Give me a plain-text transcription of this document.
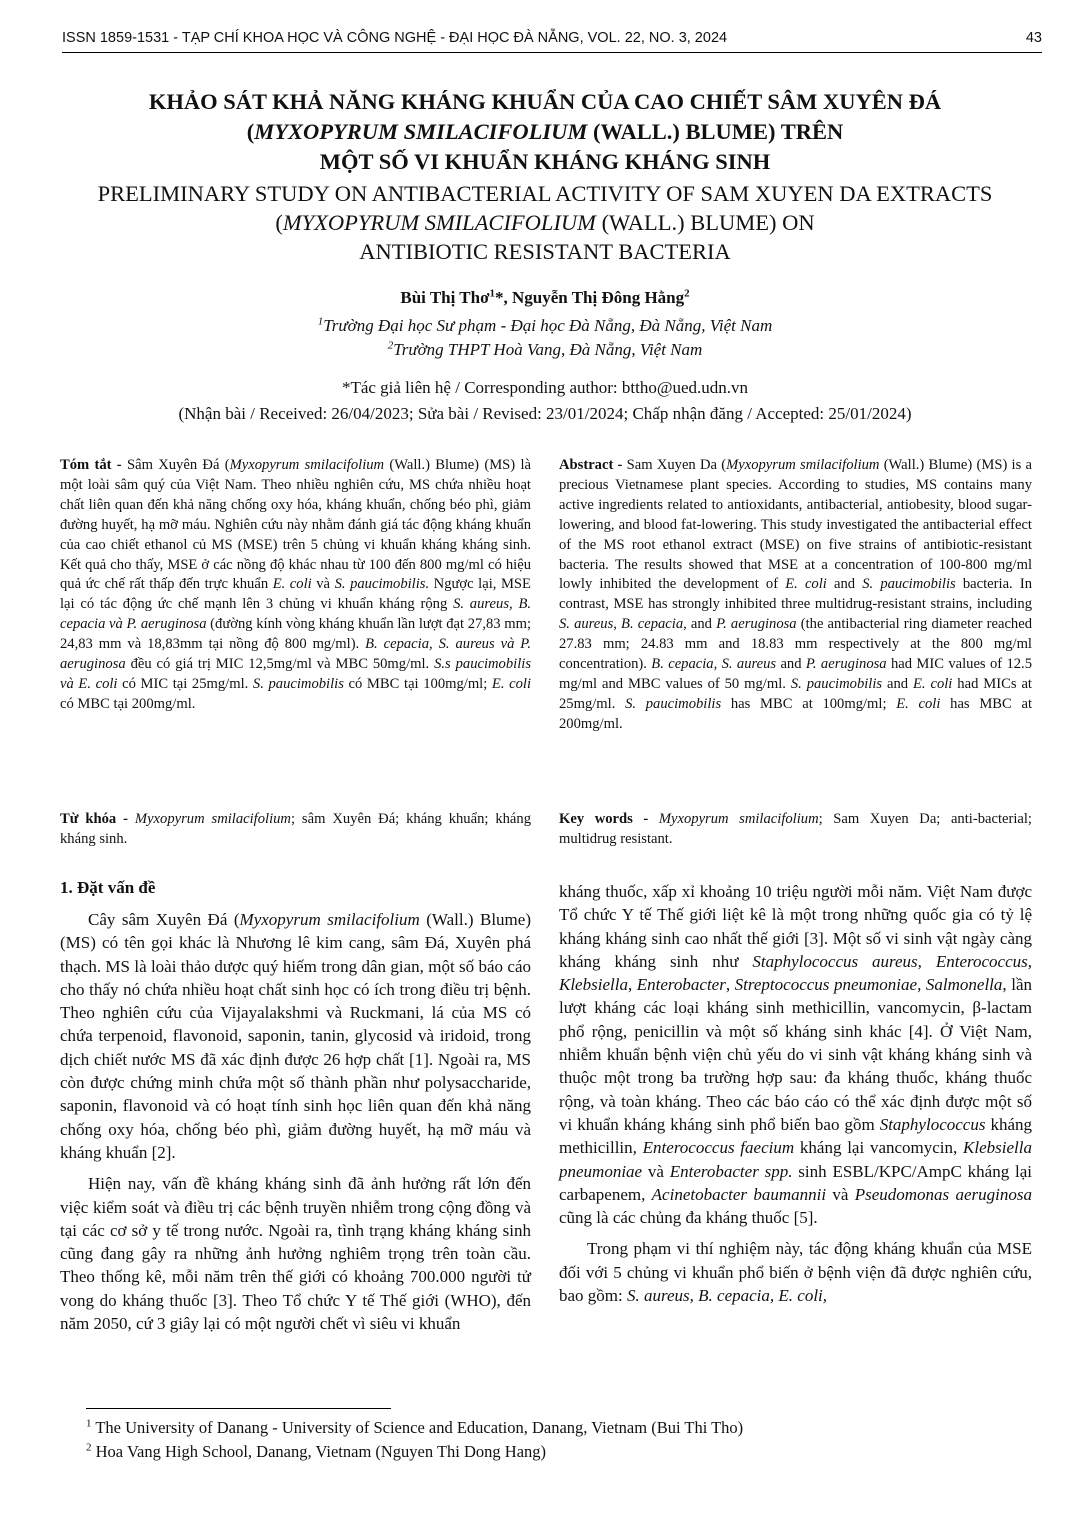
ISSN 1859-1531 - TẠP CHÍ KHOA HỌC VÀ CÔNG NGHỆ - ĐẠI HỌC ĐÀ NẴNG, VOL. 22, NO. 3, 2024	43
KHẢO SÁT KHẢ NĂNG KHÁNG KHUẨN CỦA CAO CHIẾT SÂM XUYÊN ĐÁ
(MYXOPYRUM SMILACIFOLIUM (WALL.) BLUME) TRÊN
MỘT SỐ VI KHUẨN KHÁNG KHÁNG SINH
PRELIMINARY STUDY ON ANTIBACTERIAL ACTIVITY OF SAM XUYEN DA EXTRACTS
(MYXOPYRUM SMILACIFOLIUM (WALL.) BLUME) ON
ANTIBIOTIC RESISTANT BACTERIA
Bùi Thị Thơ$^1$*, Nguyễn Thị Đông Hằng$^2$
$^1$Trường Đại học Sư phạm - Đại học Đà Nẵng, Đà Nẵng, Việt Nam
$^2$Trường THPT Hoà Vang, Đà Nẵng, Việt Nam
*Tác giả liên hệ / Corresponding author: bttho@ued.udn.vn
(Nhận bài / Received: 26/04/2023; Sửa bài / Revised: 23/01/2024; Chấp nhận đăng / Accepted: 25/01/2024)
Tóm tắt - Sâm Xuyên Đá (Myxopyrum smilacifolium (Wall.) Blume) (MS) là một loài sâm quý của Việt Nam. Theo nhiều nghiên cứu, MS chứa nhiều hoạt chất liên quan đến khả năng chống oxy hóa, kháng khuẩn, chống béo phì, giảm đường huyết, hạ mỡ máu. Nghiên cứu này nhằm đánh giá tác động kháng khuẩn của cao chiết ethanol củ MS (MSE) trên 5 chủng vi khuẩn kháng kháng sinh. Kết quả cho thấy, MSE ở các nồng độ khác nhau từ 100 đến 800 mg/ml có hiệu quả ức chế rất thấp đến trực khuẩn E. coli và S. paucimobilis. Ngược lại, MSE lại có tác động ức chế mạnh lên 3 chủng vi khuẩn kháng rộng S. aureus, B. cepacia và P. aeruginosa (đường kính vòng kháng khuẩn lần lượt đạt 27,83 mm; 24,83 mm và 18,83mm tại nồng độ 800 mg/ml). B. cepacia, S. aureus và P. aeruginosa đều có giá trị MIC 12,5mg/ml và MBC 50mg/ml. S.s paucimobilis và E. coli có MIC tại 25mg/ml. S. paucimobilis có MBC tại 100mg/ml; E. coli có MBC tại 200mg/ml.
Abstract - Sam Xuyen Da (Myxopyrum smilacifolium (Wall.) Blume) (MS) is a precious Vietnamese plant species. According to studies, MS contains many active ingredients related to antioxidants, antibacterial, antiobesity, blood sugar-lowering, and blood fat-lowering. This study investigated the antibacterial effect of the MS root ethanol extract (MSE) on five strains of antibiotic-resistant bacteria. The results showed that MSE at a concentration of 100-800 mg/ml lowly inhibited the development of E. coli and S. paucimobilis bacteria. In contrast, MSE has strongly inhibited three multidrug-resistant strains, including S. aureus, B. cepacia, and P. aeruginosa (the antibacterial ring diameter reached 27.83 mm; 24.83 mm and 18.83 mm respectively at the 800 mg/ml concentration). B. cepacia, S. aureus and P. aeruginosa had MIC values of 12.5 mg/ml and MBC values of 50 mg/ml. S. paucimobilis and E. coli had MICs at 25mg/ml. S. paucimobilis has MBC at 100mg/ml; E. coli has MBC at 200mg/ml.
Từ khóa - Myxopyrum smilacifolium; sâm Xuyên Đá; kháng khuẩn; kháng kháng sinh.
Key words - Myxopyrum smilacifolium; Sam Xuyen Da; anti-bacterial; multidrug resistant.
1. Đặt vấn đề

Cây sâm Xuyên Đá (Myxopyrum smilacifolium (Wall.) Blume) (MS) có tên gọi khác là Nhương lê kim cang, sâm Đá, Xuyên phá thạch. MS là loài thảo dược quý hiếm trong dân gian, một số báo cáo cho thấy nó chứa nhiều hoạt chất sinh học có ích trong điều trị bệnh. Theo nghiên cứu của Vijayalakshmi và Ruckmani, lá của MS có chứa terpenoid, flavonoid, saponin, tanin, glycosid và iridoid, trong dịch chiết nước MS đã xác định được 26 hợp chất [1]. Ngoài ra, MS còn được chứng minh chứa một số thành phần như polysaccharide, saponin, flavonoid và có hoạt tính sinh học liên quan đến khả năng chống oxy hóa, chống béo phì, giảm đường huyết, hạ mỡ máu và kháng khuẩn [2].

Hiện nay, vấn đề kháng kháng sinh đã ảnh hưởng rất lớn đến việc kiểm soát và điều trị các bệnh truyền nhiễm trong cộng đồng và tại các cơ sở y tế trong nước. Ngoài ra, tình trạng kháng kháng sinh cũng đang gây ra những ảnh hưởng nghiêm trọng trên toàn cầu. Theo thống kê, mỗi năm trên thế giới có khoảng 700.000 người tử vong do kháng thuốc [3]. Theo Tổ chức Y tế Thế giới (WHO), đến năm 2050, cứ 3 giây lại có một người chết vì siêu vi khuẩn

kháng thuốc, xấp xỉ khoảng 10 triệu người mỗi năm. Việt Nam được Tổ chức Y tế Thế giới liệt kê là một trong những quốc gia có tỷ lệ kháng kháng sinh cao nhất thế giới [3]. Một số vi sinh vật ngày càng kháng kháng sinh như Staphylococcus aureus, Enterococcus, Klebsiella, Enterobacter, Streptococcus pneumoniae, Salmonella, lần lượt kháng các loại kháng sinh methicillin, vancomycin, β-lactam phổ rộng, penicillin và một số kháng sinh khác [4]. Ở Việt Nam, nhiễm khuẩn bệnh viện chủ yếu do vi sinh vật kháng kháng sinh và thuộc một trong ba trường hợp sau: đa kháng thuốc, kháng thuốc rộng, và toàn kháng. Theo các báo cáo có thể xác định được một số vi khuẩn kháng kháng sinh phổ biến bao gồm Staphylococcus kháng methicillin, Enterococcus faecium kháng lại vancomycin, Klebsiella pneumoniae và Enterobacter spp. sinh ESBL/KPC/AmpC kháng lại carbapenem, Acinetobacter baumannii và Pseudomonas aeruginosa cũng là các chủng đa kháng thuốc [5].

Trong phạm vi thí nghiệm này, tác động kháng khuẩn của MSE đối với 5 chủng vi khuẩn phổ biến ở bệnh viện đã được nghiên cứu, bao gồm: S. aureus, B. cepacia, E. coli,

$^1$ The University of Danang - University of Science and Education, Danang, Vietnam (Bui Thi Tho)
$^2$ Hoa Vang High School, Danang, Vietnam (Nguyen Thi Dong Hang)
